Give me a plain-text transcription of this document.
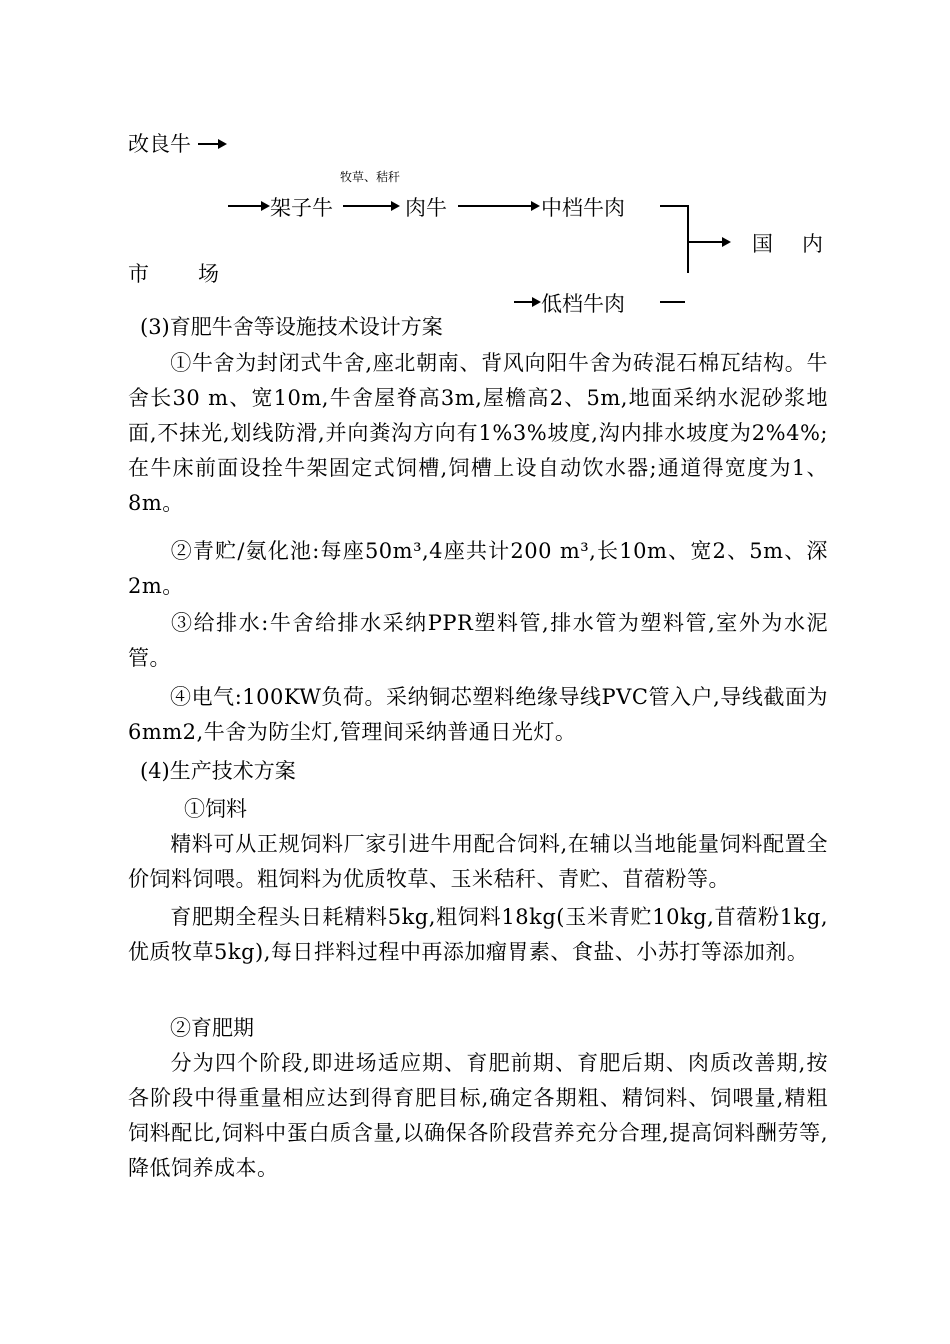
改良牛
牧草、秸秆
架子牛	肉牛	中档牛肉
国 内
市　场
低档牛肉
(3)育肥牛舍等设施技术设计方案
①牛舍为封闭式牛舍,座北朝南、背风向阳牛舍为砖混石棉瓦结构。牛舍长30 m、宽10m,牛舍屋脊高3m,屋檐高2、5m,地面采纳水泥砂浆地面,不抹光,划线防滑,并向粪沟方向有1%3%坡度,沟内排水坡度为2%4%;在牛床前面设拴牛架固定式饲槽,饲槽上设自动饮水器;通道得宽度为1、8m。
②青贮/氨化池:每座50m³,4座共计200 m³,长10m、宽2、5m、深2m。
③给排水:牛舍给排水采纳PPR塑料管,排水管为塑料管,室外为水泥管。
④电气:100KW负荷。采纳铜芯塑料绝缘导线PVC管入户,导线截面为6mm2,牛舍为防尘灯,管理间采纳普通日光灯。
(4)生产技术方案
①饲料
精料可从正规饲料厂家引进牛用配合饲料,在辅以当地能量饲料配置全价饲料饲喂。粗饲料为优质牧草、玉米秸秆、青贮、苜蓿粉等。
育肥期全程头日耗精料5kg,粗饲料18kg(玉米青贮10kg,苜蓿粉1kg,优质牧草5kg),每日拌料过程中再添加瘤胃素、食盐、小苏打等添加剂。
②育肥期
分为四个阶段,即进场适应期、育肥前期、育肥后期、肉质改善期,按各阶段中得重量相应达到得育肥目标,确定各期粗、精饲料、饲喂量,精粗饲料配比,饲料中蛋白质含量,以确保各阶段营养充分合理,提高饲料酬劳等,降低饲养成本。
